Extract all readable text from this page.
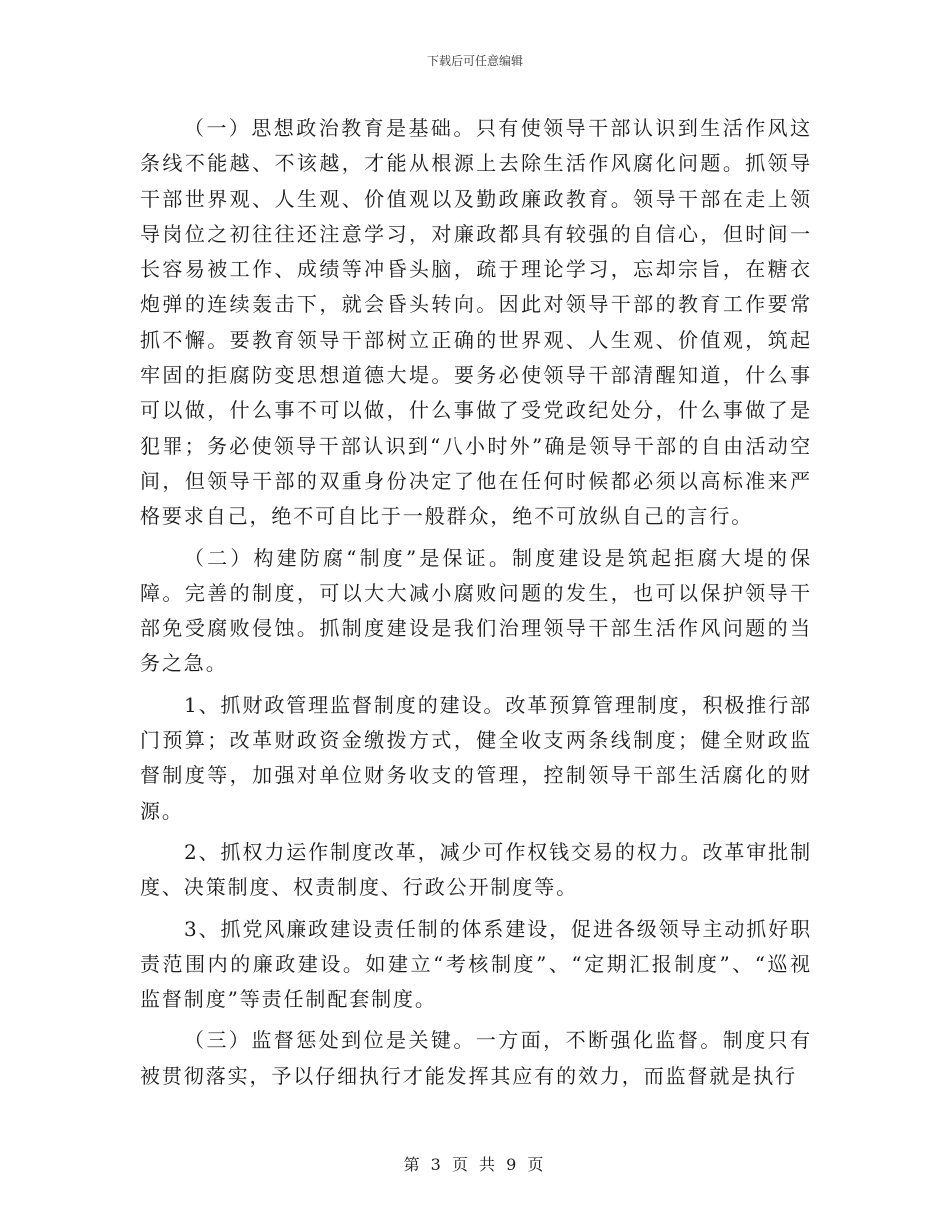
下载后可任意编辑

（一）思想政治教育是基础。只有使领导干部认识到生活作风这条线不能越、不该越，才能从根源上去除生活作风腐化问题。抓领导干部世界观、人生观、价值观以及勤政廉政教育。领导干部在走上领导岗位之初往往还注意学习，对廉政都具有较强的自信心，但时间一长容易被工作、成绩等冲昏头脑，疏于理论学习，忘却宗旨，在糖衣炮弹的连续轰击下，就会昏头转向。因此对领导干部的教育工作要常抓不懈。要教育领导干部树立正确的世界观、人生观、价值观，筑起牢固的拒腐防变思想道德大堤。要务必使领导干部清醒知道，什么事可以做，什么事不可以做，什么事做了受党政纪处分，什么事做了是犯罪；务必使领导干部认识到“八小时外”确是领导干部的自由活动空间，但领导干部的双重身份决定了他在任何时候都必须以高标准来严格要求自己，绝不可自比于一般群众，绝不可放纵自己的言行。

（二）构建防腐“制度”是保证。制度建设是筑起拒腐大堤的保障。完善的制度，可以大大减小腐败问题的发生，也可以保护领导干部免受腐败侵蚀。抓制度建设是我们治理领导干部生活作风问题的当务之急。

1、抓财政管理监督制度的建设。改革预算管理制度，积极推行部门预算；改革财政资金缴拨方式，健全收支两条线制度；健全财政监督制度等，加强对单位财务收支的管理，控制领导干部生活腐化的财源。

2、抓权力运作制度改革，减少可作权钱交易的权力。改革审批制度、决策制度、权责制度、行政公开制度等。

3、抓党风廉政建设责任制的体系建设，促进各级领导主动抓好职责范围内的廉政建设。如建立“考核制度”、“定期汇报制度”、“巡视监督制度”等责任制配套制度。

（三）监督惩处到位是关键。一方面，不断强化监督。制度只有被贯彻落实，予以仔细执行才能发挥其应有的效力，而监督就是执行

第 3 页 共 9 页
